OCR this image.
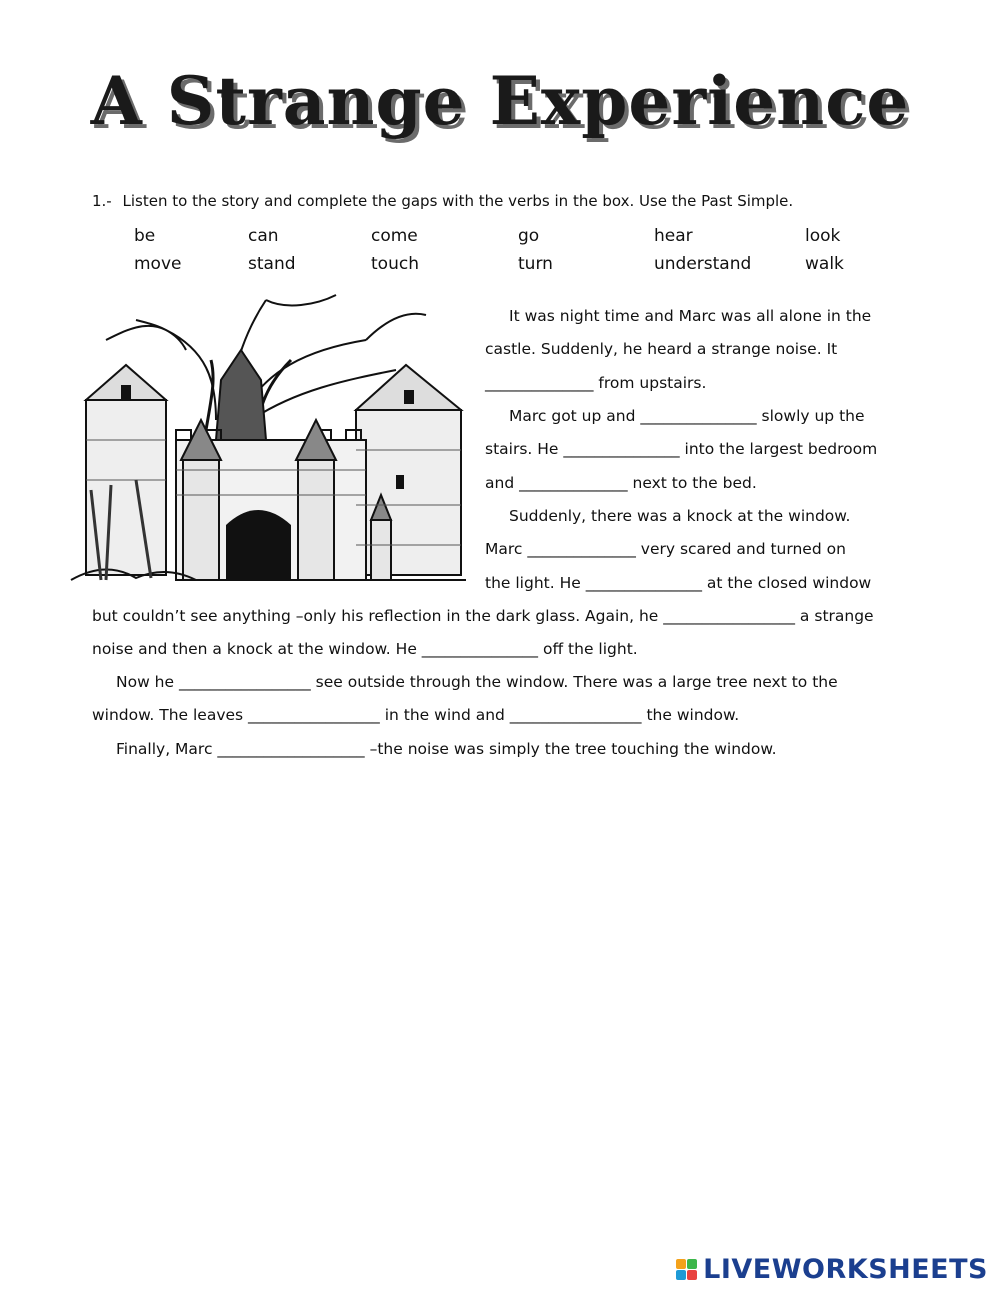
A Strange Experience
1.- Listen to the story and complete the gaps with the verbs in the box. Use the Past Simple.
be	can	come	go	hear	look
move	stand	touch	turn	understand	walk
It was night time and Marc was all alone in the
castle. Suddenly, he heard a strange noise. It
______________ from upstairs.
Marc got up and _______________ slowly up the
stairs. He _______________ into the largest bedroom
and ______________ next to the bed.
Suddenly, there was a knock at the window.
Marc ______________ very scared and turned on
the light. He _______________ at the closed window
but couldn’t see anything –only his reflection in the dark glass. Again, he _________________ a strange
noise and then a knock at the window. He _______________ off the light.
Now he _________________ see outside through the window. There was a large tree next to the
window. The leaves _________________ in the wind and _________________ the window.
Finally, Marc ___________________ –the noise was simply the tree touching the window.
LIVEWORKSHEETS
